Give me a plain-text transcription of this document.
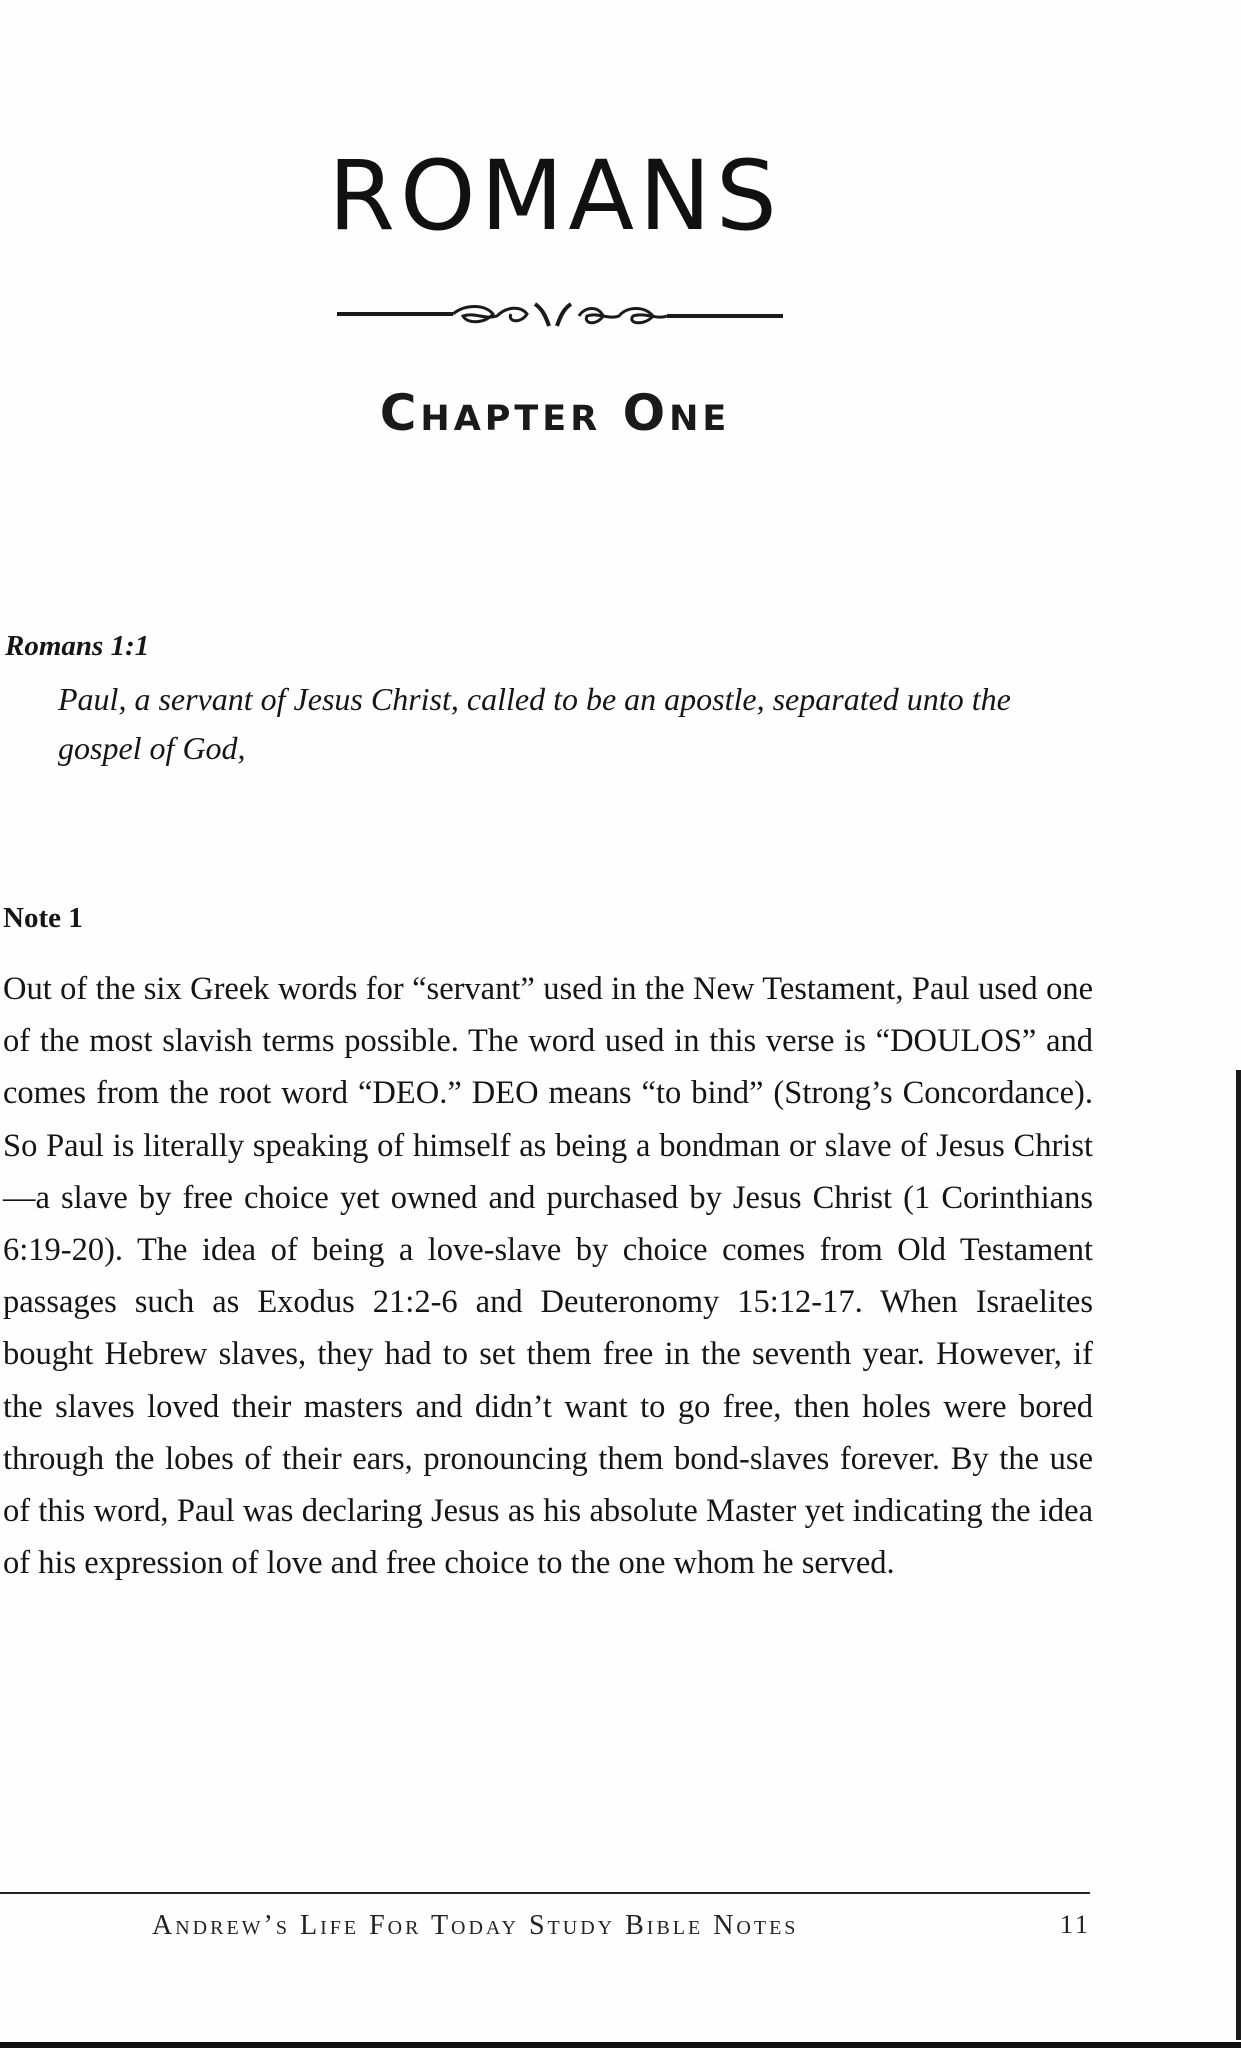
ROMANS
Chapter One

Romans 1:1

Paul, a servant of Jesus Christ, called to be an apostle, separated unto the gospel of God,

Note 1

Out of the six Greek words for “servant” used in the New Testament, Paul used one of the most slavish terms possible. The word used in this verse is “DOULOS” and comes from the root word “DEO.” DEO means “to bind” (Strong’s Concordance). So Paul is literally speaking of himself as being a bondman or slave of Jesus Christ—a slave by free choice yet owned and purchased by Jesus Christ (1 Corinthians 6:19-20). The idea of being a love-slave by choice comes from Old Testament passages such as Exodus 21:2-6 and Deuteronomy 15:12-17. When Israelites bought Hebrew slaves, they had to set them free in the seventh year. However, if the slaves loved their masters and didn’t want to go free, then holes were bored through the lobes of their ears, pronouncing them bond-slaves forever. By the use of this word, Paul was declaring Jesus as his absolute Master yet indicating the idea of his expression of love and free choice to the one whom he served.

Andrew’s Life For Today Study Bible Notes	11
